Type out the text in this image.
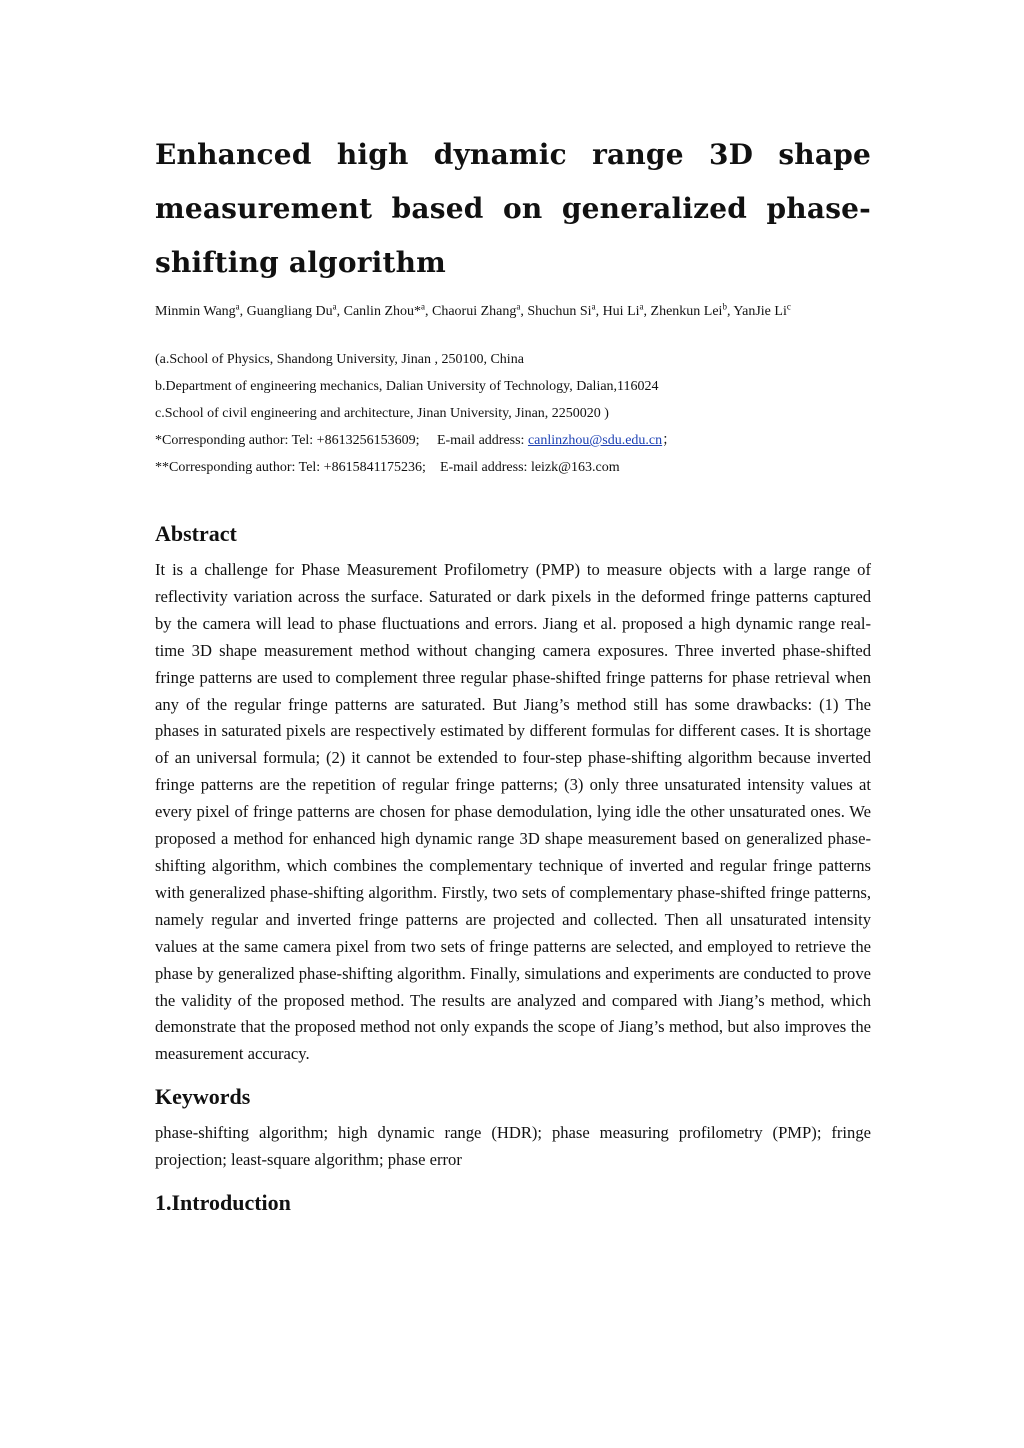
Enhanced high dynamic range 3D shape measurement based on generalized phase-shifting algorithm
Minmin Wang$^a$, Guangliang Du$^a$, Canlin Zhou*$^a$, Chaorui Zhang$^a$, Shuchun Si$^a$, Hui Li$^a$, Zhenkun Lei$^b$, YanJie Li$^c$
(a.School of Physics, Shandong University, Jinan , 250100, China
b.Department of engineering mechanics, Dalian University of Technology, Dalian,116024
c.School of civil engineering and architecture, Jinan University, Jinan, 2250020 )
*Corresponding author: Tel: +8613256153609; E-mail address: canlinzhou@sdu.edu.cn；
**Corresponding author: Tel: +8615841175236; E-mail address: leizk@163.com
Abstract

It is a challenge for Phase Measurement Profilometry (PMP) to measure objects with a large range of reflectivity variation across the surface. Saturated or dark pixels in the deformed fringe patterns captured by the camera will lead to phase fluctuations and errors. Jiang et al. proposed a high dynamic range real-time 3D shape measurement method without changing camera exposures. Three inverted phase-shifted fringe patterns are used to complement three regular phase-shifted fringe patterns for phase retrieval when any of the regular fringe patterns are saturated. But Jiang’s method still has some drawbacks: (1) The phases in saturated pixels are respectively estimated by different formulas for different cases. It is shortage of an universal formula; (2) it cannot be extended to four-step phase-shifting algorithm because inverted fringe patterns are the repetition of regular fringe patterns; (3) only three unsaturated intensity values at every pixel of fringe patterns are chosen for phase demodulation, lying idle the other unsaturated ones. We proposed a method for enhanced high dynamic range 3D shape measurement based on generalized phase-shifting algorithm, which combines the complementary technique of inverted and regular fringe patterns with generalized phase-shifting algorithm. Firstly, two sets of complementary phase-shifted fringe patterns, namely regular and inverted fringe patterns are projected and collected. Then all unsaturated intensity values at the same camera pixel from two sets of fringe patterns are selected, and employed to retrieve the phase by generalized phase-shifting algorithm. Finally, simulations and experiments are conducted to prove the validity of the proposed method. The results are analyzed and compared with Jiang’s method, which demonstrate that the proposed method not only expands the scope of Jiang’s method, but also improves the measurement accuracy.

Keywords

phase-shifting algorithm; high dynamic range (HDR); phase measuring profilometry (PMP); fringe projection; least-square algorithm; phase error

1.Introduction
